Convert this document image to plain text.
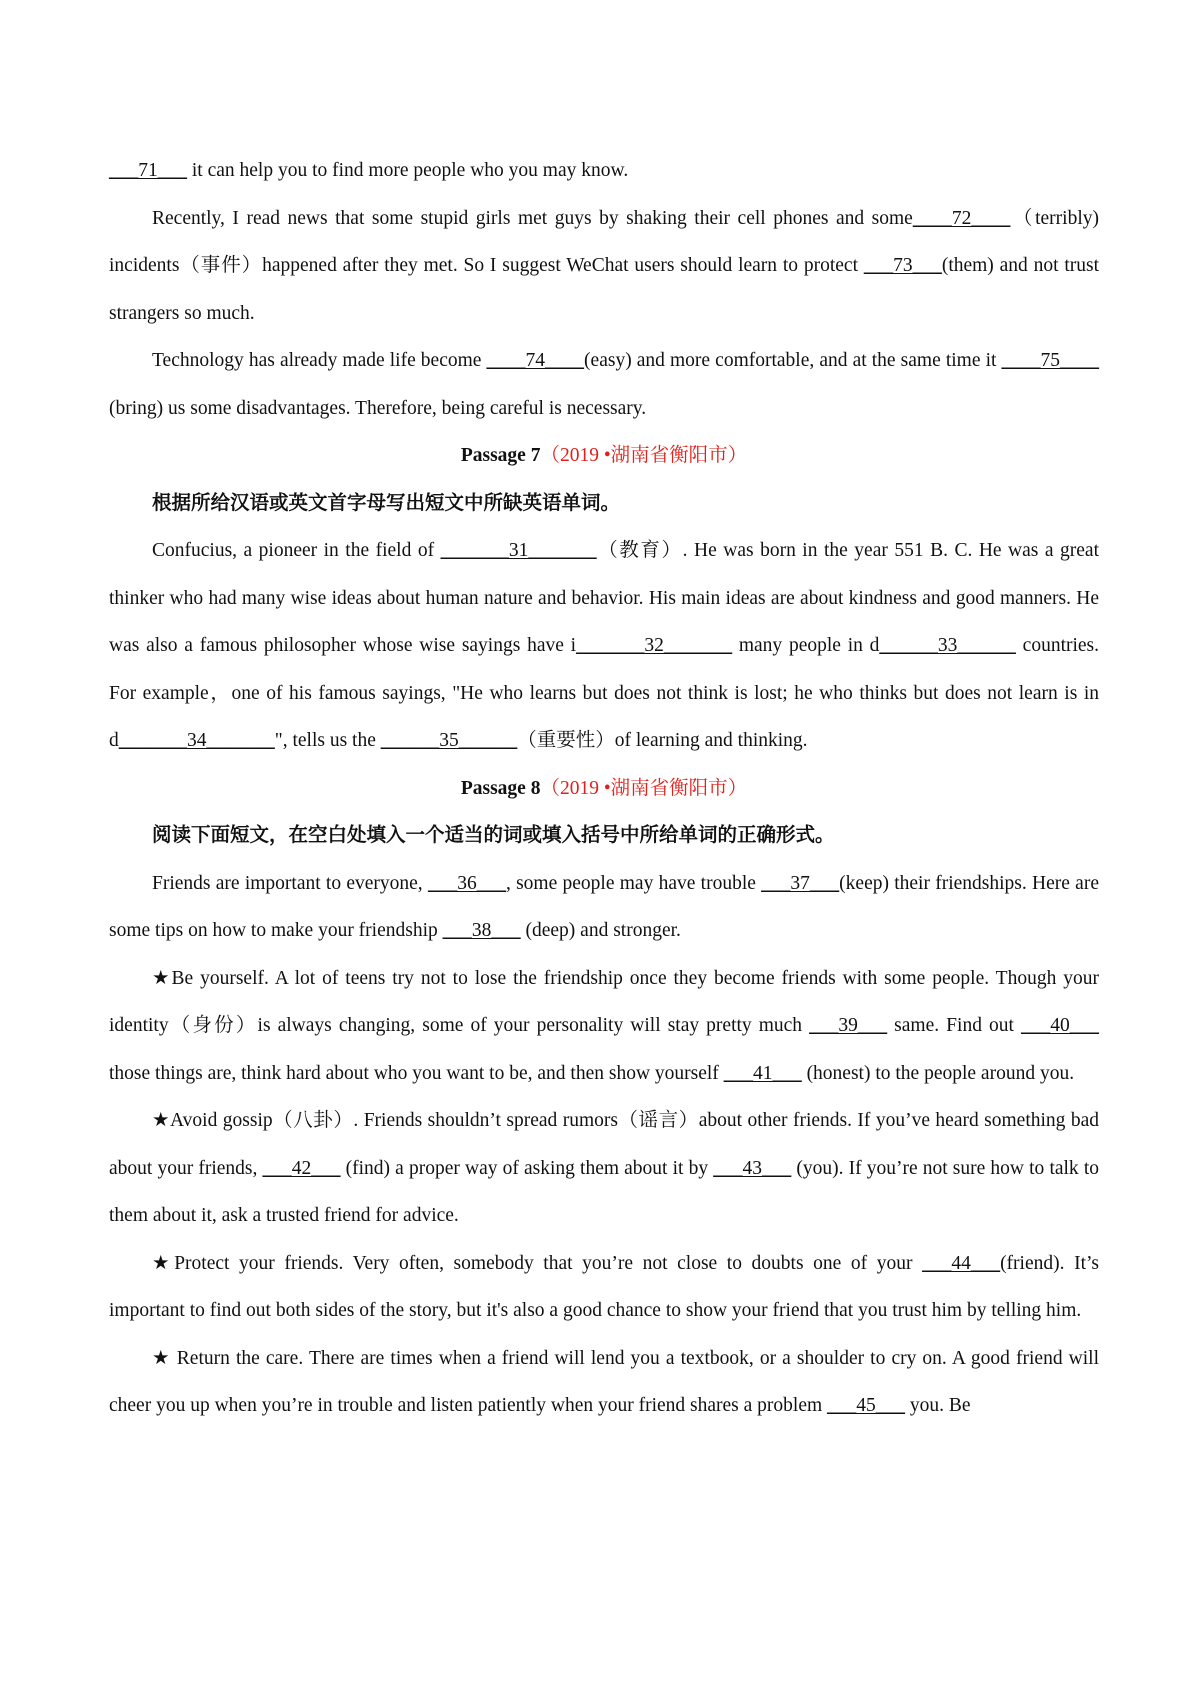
___71___ it can help you to find more people who you may know.

Recently, I read news that some stupid girls met guys by shaking their cell phones and some____72____（terribly) incidents（事件）happened after they met. So I suggest WeChat users should learn to protect ___73___(them) and not trust strangers so much.

Technology has already made life become ____74____(easy) and more comfortable, and at the same time it ____75____ (bring) us some disadvantages. Therefore, being careful is necessary.

Passage 7（2019 •湖南省衡阳市）

根据所给汉语或英文首字母写出短文中所缺英语单词。

Confucius, a pioneer in the field of _______31_______（教育）. He was born in the year 551 B. C. He was a great thinker who had many wise ideas about human nature and behavior. His main ideas are about kindness and good manners. He was also a famous philosopher whose wise sayings have i_______32_______ many people in d______33______ countries. For example，one of his famous sayings, "He who learns but does not think is lost; he who thinks but does not learn is in d_______34_______", tells us the ______35______（重要性）of learning and thinking.

Passage 8（2019 •湖南省衡阳市）

阅读下面短文，在空白处填入一个适当的词或填入括号中所给单词的正确形式。

Friends are important to everyone, ___36___, some people may have trouble ___37___(keep) their friendships. Here are some tips on how to make your friendship ___38___ (deep) and stronger.

★Be yourself. A lot of teens try not to lose the friendship once they become friends with some people. Though your identity（身份）is always changing, some of your personality will stay pretty much ___39___ same. Find out ___40___ those things are, think hard about who you want to be, and then show yourself ___41___ (honest) to the people around you.

★Avoid gossip（八卦）. Friends shouldn’t spread rumors（谣言）about other friends. If you’ve heard something bad about your friends, ___42___ (find) a proper way of asking them about it by ___43___ (you). If you’re not sure how to talk to them about it, ask a trusted friend for advice.

★Protect your friends. Very often, somebody that you’re not close to doubts one of your ___44___(friend). It’s important to find out both sides of the story, but it's also a good chance to show your friend that you trust him by telling him.

★ Return the care. There are times when a friend will lend you a textbook, or a shoulder to cry on. A good friend will cheer you up when you’re in trouble and listen patiently when your friend shares a problem ___45___ you. Be
